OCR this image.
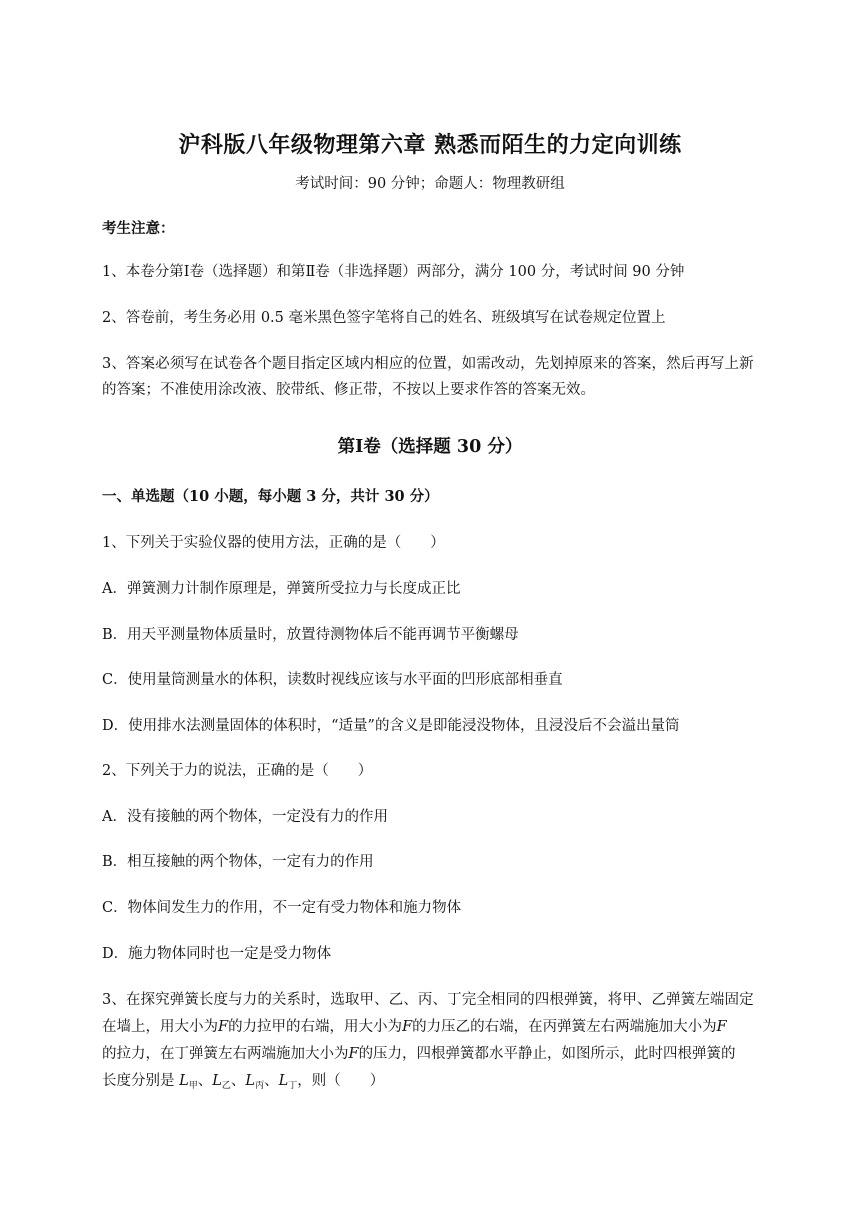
沪科版八年级物理第六章 熟悉而陌生的力定向训练
考试时间：90 分钟；命题人：物理教研组
考生注意：
1、本卷分第Ⅰ卷（选择题）和第Ⅱ卷（非选择题）两部分，满分 100 分，考试时间 90 分钟
2、答卷前，考生务必用 0.5 毫米黑色签字笔将自己的姓名、班级填写在试卷规定位置上
3、答案必须写在试卷各个题目指定区域内相应的位置，如需改动，先划掉原来的答案，然后再写上新
的答案；不准使用涂改液、胶带纸、修正带，不按以上要求作答的答案无效。
第Ⅰ卷（选择题 30 分）
一、单选题（10 小题，每小题 3 分，共计 30 分）
1、下列关于实验仪器的使用方法，正确的是（　　）
A．弹簧测力计制作原理是，弹簧所受拉力与长度成正比
B．用天平测量物体质量时，放置待测物体后不能再调节平衡螺母
C．使用量筒测量水的体积，读数时视线应该与水平面的凹形底部相垂直
D．使用排水法测量固体的体积时，“适量”的含义是即能浸没物体，且浸没后不会溢出量筒
2、下列关于力的说法，正确的是（　　）
A．没有接触的两个物体，一定没有力的作用
B．相互接触的两个物体，一定有力的作用
C．物体间发生力的作用，不一定有受力物体和施力物体
D．施力物体同时也一定是受力物体
3、在探究弹簧长度与力的关系时，选取甲、乙、丙、丁完全相同的四根弹簧，将甲、乙弹簧左端固定
在墙上，用大小为F的力拉甲的右端，用大小为F的力压乙的右端，在丙弹簧左右两端施加大小为F
的拉力，在丁弹簧左右两端施加大小为F的压力，四根弹簧都水平静止，如图所示，此时四根弹簧的
长度分别是 $L_甲$、$L_乙$、$L_丙$、$L_丁$，则（　　）
